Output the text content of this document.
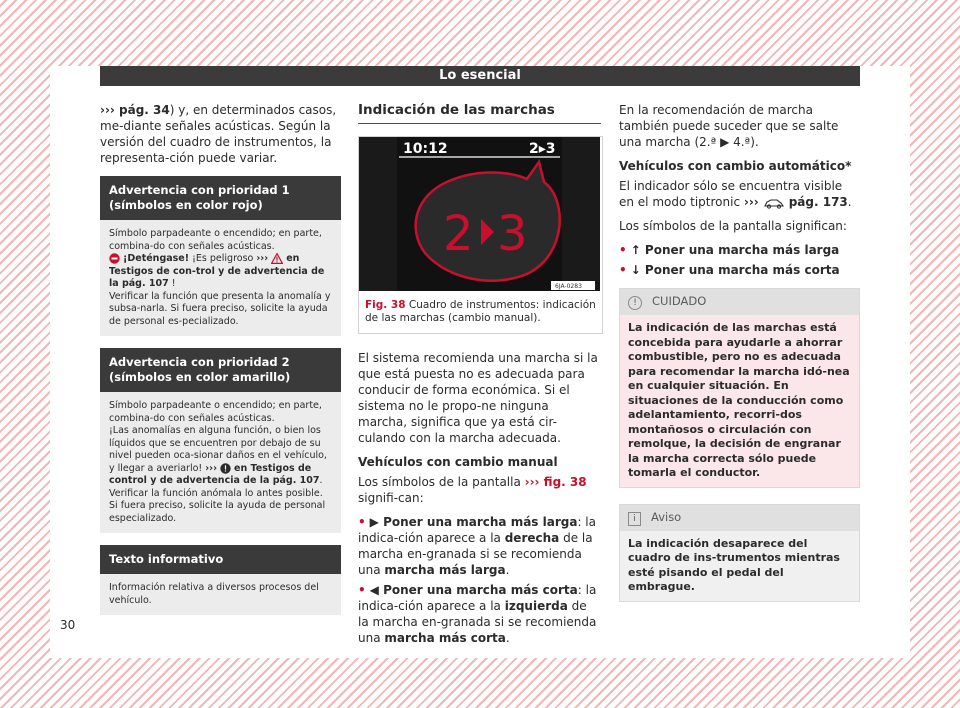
Lo esencial

››› pág. 34) y, en determinados casos, me-diante señales acústicas. Según la versión del cuadro de instrumentos, la representa-ción puede variar.

Advertencia con prioridad 1 (símbolos en color rojo)
Símbolo parpadeante o encendido; en parte, combina-do con señales acústicas.
¡Deténgase! ¡Es peligroso ›››  en Testigos de con-trol y de advertencia de la pág. 107 !
Verificar la función que presenta la anomalía y subsa-narla. Si fuera preciso, solicite la ayuda de personal es-pecializado.
Advertencia con prioridad 2 (símbolos en color amarillo)
Símbolo parpadeante o encendido; en parte, combina-do con señales acústicas.
¡Las anomalías en alguna función, o bien los líquidos que se encuentren por debajo de su nivel pueden oca-sionar daños en el vehículo, y llegar a averiarlo! ›››  en Testigos de control y de advertencia de la pág. 107.
Verificar la función anómala lo antes posible. Si fuera preciso, solicite la ayuda de personal especializado.
Texto informativo
Información relativa a diversos procesos del vehículo.
Indicación de las marchas
10:12	2▸3
2 3
6JA-0283
Fig. 38 Cuadro de instrumentos: indicación de las marchas (cambio manual).

El sistema recomienda una marcha si la que está puesta no es adecuada para conducir de forma económica. Si el sistema no le propo-ne ninguna marcha, significa que ya está cir-culando con la marcha adecuada.

Vehículos con cambio manual

Los símbolos de la pantalla ››› fig. 38 signifi-can:

• ▶ Poner una marcha más larga: la indica-ción aparece a la derecha de la marcha en-granada si se recomienda una marcha más larga.

• ◀ Poner una marcha más corta: la indica-ción aparece a la izquierda de la marcha en-granada si se recomienda una marcha más corta.

En la recomendación de marcha también puede suceder que se salte una marcha (2.ª ▶ 4.ª).

Vehículos con cambio automático*

El indicador sólo se encuentra visible en el modo tiptronic ›››  pág. 173.

Los símbolos de la pantalla significan:

• ↑ Poner una marcha más larga

• ↓ Poner una marcha más corta

! CUIDADO
La indicación de las marchas está concebida para ayudarle a ahorrar combustible, pero no es adecuada para recomendar la marcha idó-nea en cualquier situación. En situaciones de la conducción como adelantamiento, recorri-dos montañosos o circulación con remolque, la decisión de engranar la marcha correcta sólo puede tomarla el conductor.
i Aviso
La indicación desaparece del cuadro de ins-trumentos mientras esté pisando el pedal del embrague.
30
